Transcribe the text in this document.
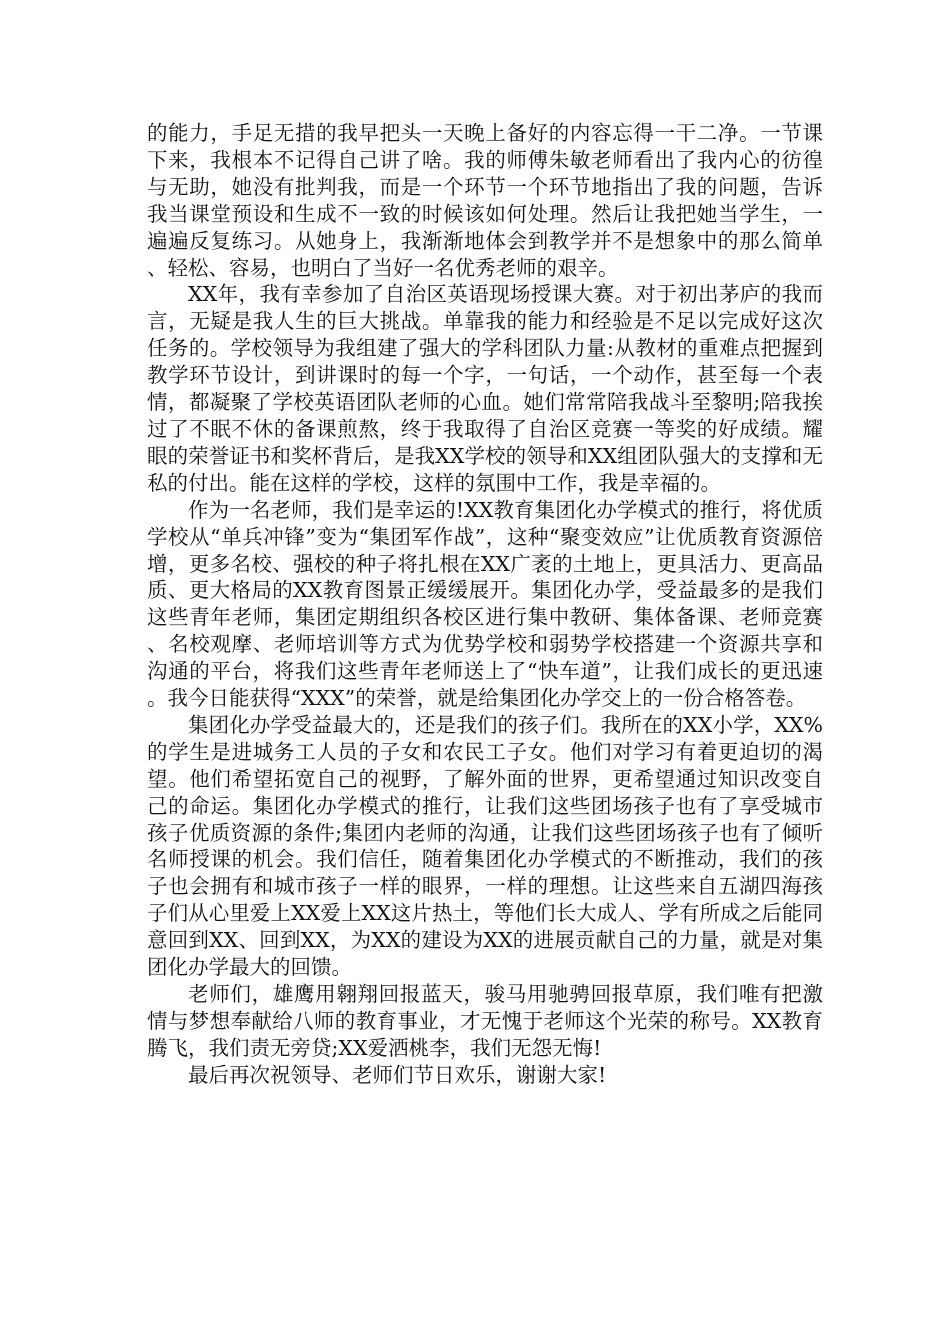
的能力，手足无措的我早把头一天晚上备好的内容忘得一干二净。一节课下来，我根本不记得自己讲了啥。我的师傅朱敏老师看出了我内心的彷徨与无助，她没有批判我，而是一个环节一个环节地指出了我的问题，告诉我当课堂预设和生成不一致的时候该如何处理。然后让我把她当学生，一遍遍反复练习。从她身上，我渐渐地体会到教学并不是想象中的那么简单、轻松、容易，也明白了当好一名优秀老师的艰辛。

XX年，我有幸参加了自治区英语现场授课大赛。对于初出茅庐的我而言，无疑是我人生的巨大挑战。单靠我的能力和经验是不足以完成好这次任务的。学校领导为我组建了强大的学科团队力量:从教材的重难点把握到教学环节设计，到讲课时的每一个字，一句话，一个动作，甚至每一个表情，都凝聚了学校英语团队老师的心血。她们常常陪我战斗至黎明;陪我挨过了不眠不休的备课煎熬，终于我取得了自治区竞赛一等奖的好成绩。耀眼的荣誉证书和奖杯背后，是我XX学校的领导和XX组团队强大的支撑和无私的付出。能在这样的学校，这样的氛围中工作，我是幸福的。

作为一名老师，我们是幸运的!XX教育集团化办学模式的推行，将优质学校从“单兵冲锋”变为“集团军作战”，这种“聚变效应”让优质教育资源倍增，更多名校、强校的种子将扎根在XX广袤的土地上，更具活力、更高品质、更大格局的XX教育图景正缓缓展开。集团化办学，受益最多的是我们这些青年老师，集团定期组织各校区进行集中教研、集体备课、老师竞赛、名校观摩、老师培训等方式为优势学校和弱势学校搭建一个资源共享和沟通的平台，将我们这些青年老师送上了“快车道”，让我们成长的更迅速。我今日能获得“XXX”的荣誉，就是给集团化办学交上的一份合格答卷。

集团化办学受益最大的，还是我们的孩子们。我所在的XX小学，XX%的学生是进城务工人员的子女和农民工子女。他们对学习有着更迫切的渴望。他们希望拓宽自己的视野，了解外面的世界，更希望通过知识改变自己的命运。集团化办学模式的推行，让我们这些团场孩子也有了享受城市孩子优质资源的条件;集团内老师的沟通，让我们这些团场孩子也有了倾听名师授课的机会。我们信任，随着集团化办学模式的不断推动，我们的孩子也会拥有和城市孩子一样的眼界，一样的理想。让这些来自五湖四海孩子们从心里爱上XX爱上XX这片热土，等他们长大成人、学有所成之后能同意回到XX、回到XX，为XX的建设为XX的进展贡献自己的力量，就是对集团化办学最大的回馈。

老师们，雄鹰用翱翔回报蓝天，骏马用驰骋回报草原，我们唯有把激情与梦想奉献给八师的教育事业，才无愧于老师这个光荣的称号。XX教育腾飞，我们责无旁贷;XX爱洒桃李，我们无怨无悔!

最后再次祝领导、老师们节日欢乐，谢谢大家!
